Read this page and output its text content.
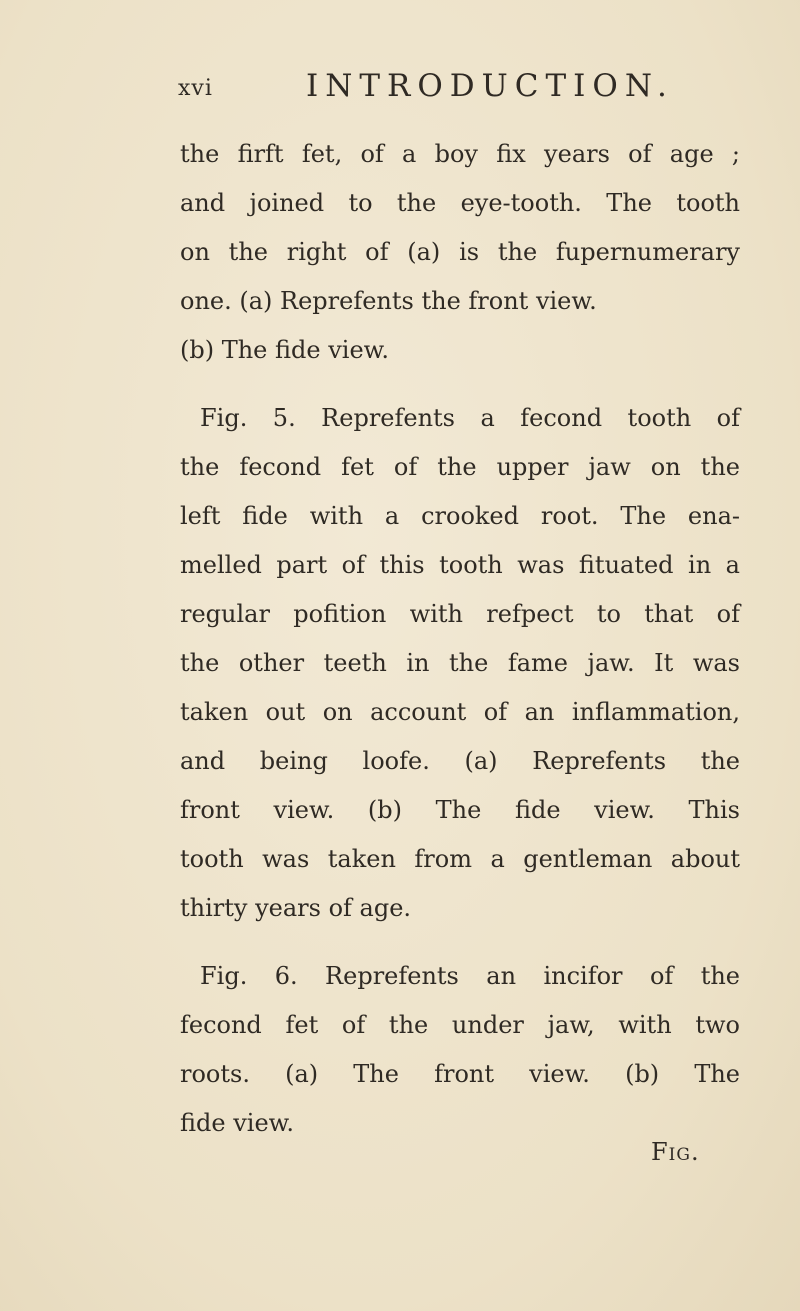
xvi	INTRODUCTION.
the firft fet, of a boy fix years of age ;
and joined to the eye-tooth. The tooth
on the right of (a) is the fupernumerary
one. (a) Reprefents the front view.
(b) The fide view.
Fig. 5. Reprefents a fecond tooth of
the fecond fet of the upper jaw on the
left fide with a crooked root. The ena-
melled part of this tooth was fituated in a
regular pofition with refpect to that of
the other teeth in the fame jaw. It was
taken out on account of an inflammation,
and being loofe. (a) Reprefents the
front view. (b) The fide view. This
tooth was taken from a gentleman about
thirty years of age.
Fig. 6. Reprefents an incifor of the
fecond fet of the under jaw, with two
roots. (a) The front view. (b) The
fide view.
Fig.
